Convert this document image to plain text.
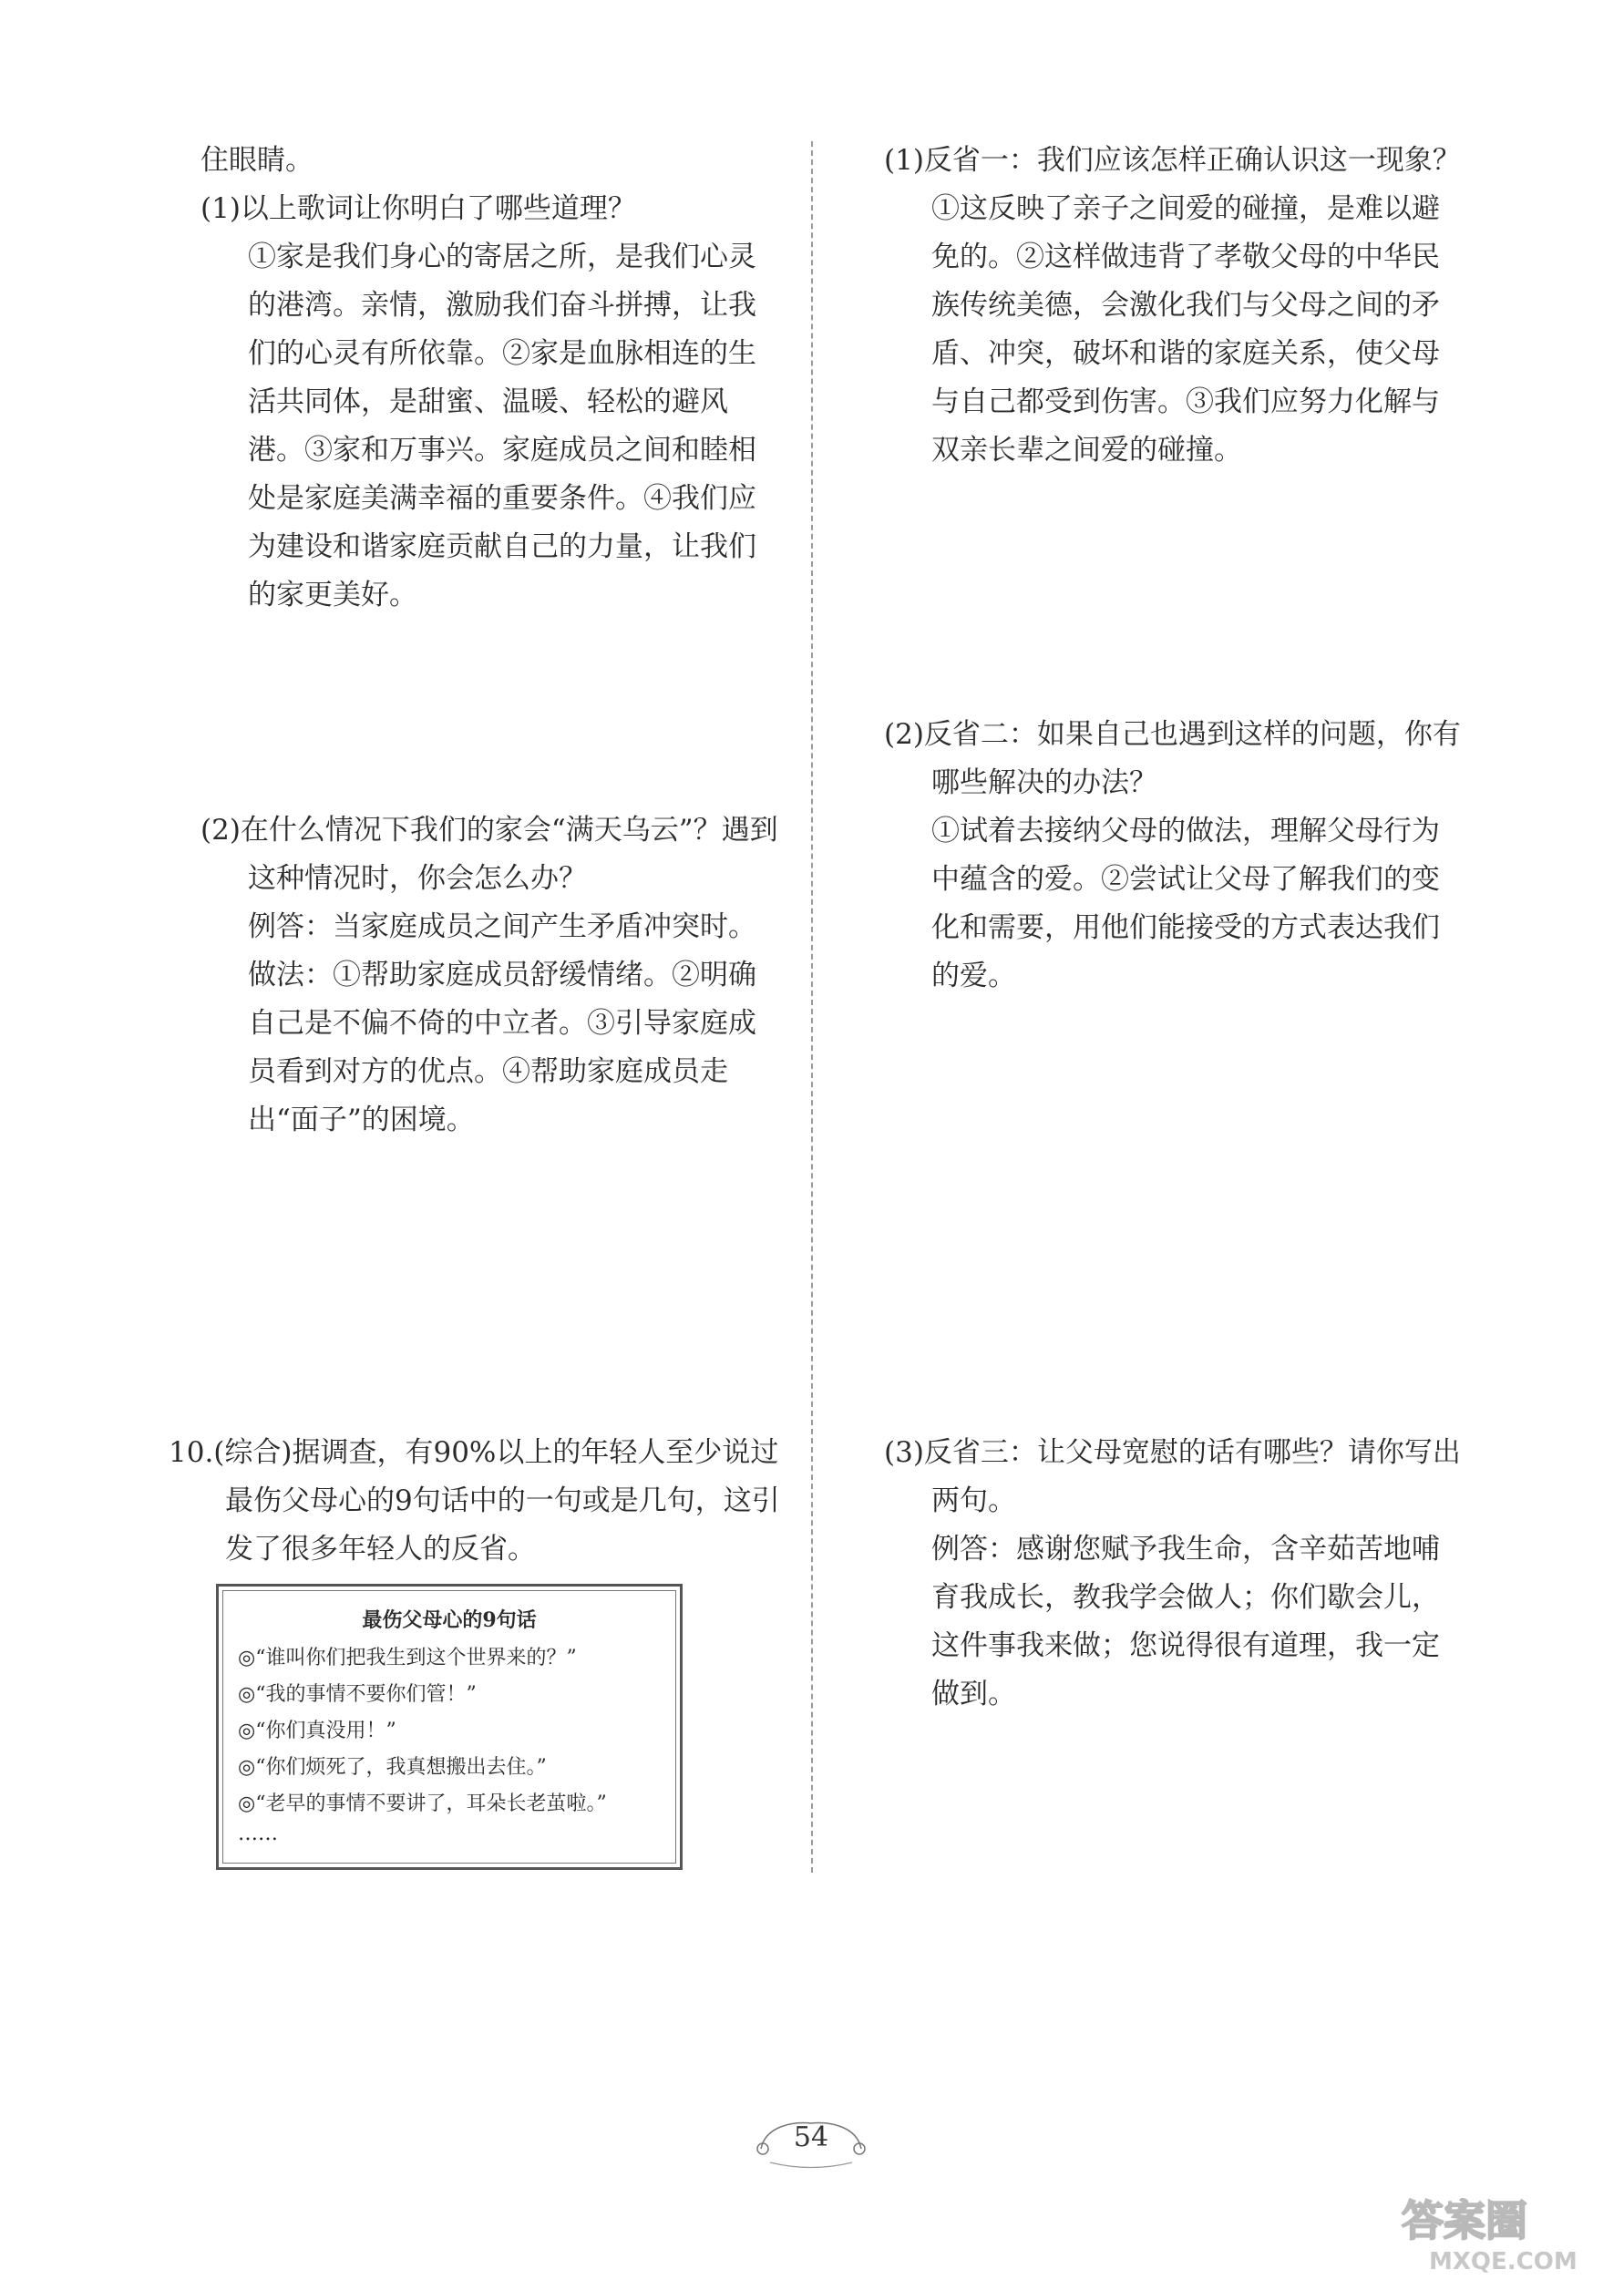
住眼睛。

(1)以上歌词让你明白了哪些道理？

①家是我们身心的寄居之所，是我们心灵的港湾。亲情，激励我们奋斗拼搏，让我们的心灵有所依靠。②家是血脉相连的生活共同体，是甜蜜、温暖、轻松的避风港。③家和万事兴。家庭成员之间和睦相处是家庭美满幸福的重要条件。④我们应为建设和谐家庭贡献自己的力量，让我们的家更美好。

(2)在什么情况下我们的家会“满天乌云”？遇到这种情况时，你会怎么办？

例答：当家庭成员之间产生矛盾冲突时。做法：①帮助家庭成员舒缓情绪。②明确自己是不偏不倚的中立者。③引导家庭成员看到对方的优点。④帮助家庭成员走出“面子”的困境。

10.(综合)据调查，有90%以上的年轻人至少说过最伤父母心的9句话中的一句或是几句，这引发了很多年轻人的反省。

最伤父母心的9句话

◎“谁叫你们把我生到这个世界来的？”

◎“我的事情不要你们管！”

◎“你们真没用！”

◎“你们烦死了，我真想搬出去住。”

◎“老早的事情不要讲了，耳朵长老茧啦。”

……

(1)反省一：我们应该怎样正确认识这一现象？

①这反映了亲子之间爱的碰撞，是难以避免的。②这样做违背了孝敬父母的中华民族传统美德，会激化我们与父母之间的矛盾、冲突，破坏和谐的家庭关系，使父母与自己都受到伤害。③我们应努力化解与双亲长辈之间爱的碰撞。

(2)反省二：如果自己也遇到这样的问题，你有哪些解决的办法？

①试着去接纳父母的做法，理解父母行为中蕴含的爱。②尝试让父母了解我们的变化和需要，用他们能接受的方式表达我们的爱。

(3)反省三：让父母宽慰的话有哪些？请你写出两句。

例答：感谢您赋予我生命，含辛茹苦地哺育我成长，教我学会做人；你们歇会儿，这件事我来做；您说得很有道理，我一定做到。

54
答案圈
MXQE.COM
